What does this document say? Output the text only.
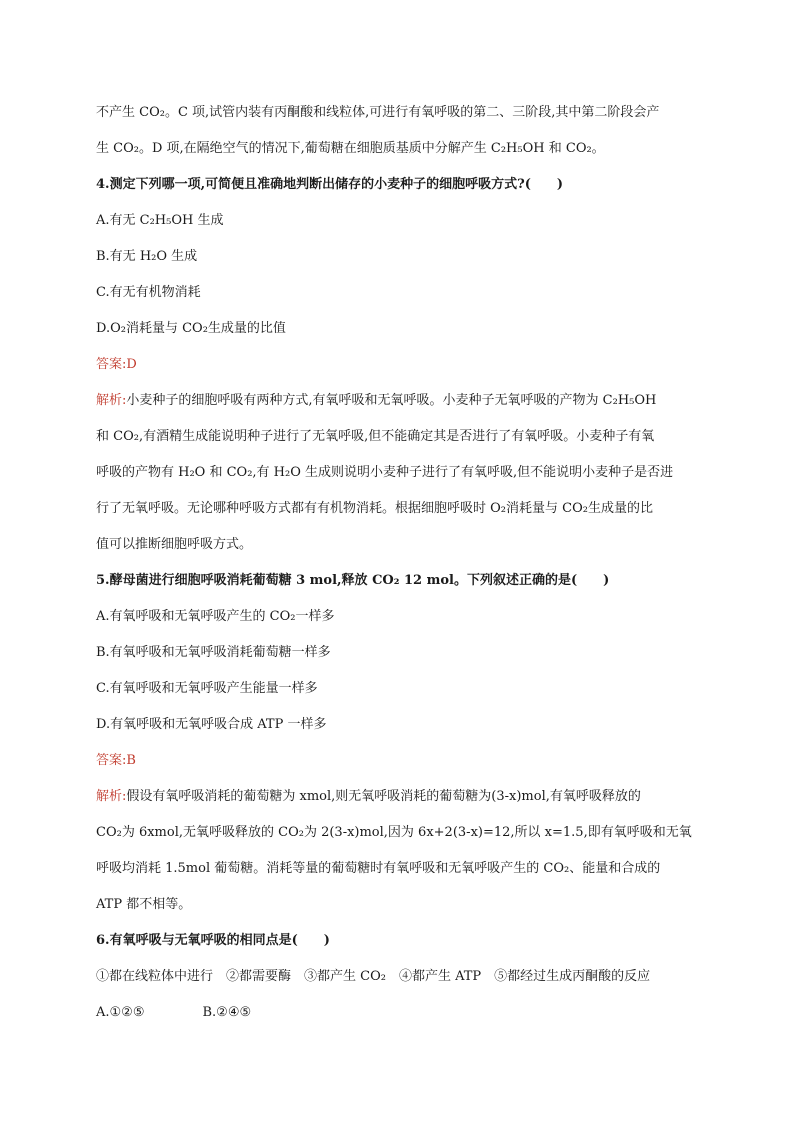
不产生 CO₂。C 项,试管内装有丙酮酸和线粒体,可进行有氧呼吸的第二、三阶段,其中第二阶段会产
生 CO₂。D 项,在隔绝空气的情况下,葡萄糖在细胞质基质中分解产生 C₂H₅OH 和 CO₂。
4.测定下列哪一项,可简便且准确地判断出储存的小麦种子的细胞呼吸方式?(　　)
A.有无 C₂H₅OH 生成
B.有无 H₂O 生成
C.有无有机物消耗
D.O₂消耗量与 CO₂生成量的比值
答案:D
解析:小麦种子的细胞呼吸有两种方式,有氧呼吸和无氧呼吸。小麦种子无氧呼吸的产物为 C₂H₅OH
和 CO₂,有酒精生成能说明种子进行了无氧呼吸,但不能确定其是否进行了有氧呼吸。小麦种子有氧
呼吸的产物有 H₂O 和 CO₂,有 H₂O 生成则说明小麦种子进行了有氧呼吸,但不能说明小麦种子是否进
行了无氧呼吸。无论哪种呼吸方式都有有机物消耗。根据细胞呼吸时 O₂消耗量与 CO₂生成量的比
值可以推断细胞呼吸方式。
5.酵母菌进行细胞呼吸消耗葡萄糖 3 mol,释放 CO₂ 12 mol。下列叙述正确的是(　　)
A.有氧呼吸和无氧呼吸产生的 CO₂一样多
B.有氧呼吸和无氧呼吸消耗葡萄糖一样多
C.有氧呼吸和无氧呼吸产生能量一样多
D.有氧呼吸和无氧呼吸合成 ATP 一样多
答案:B
解析:假设有氧呼吸消耗的葡萄糖为 xmol,则无氧呼吸消耗的葡萄糖为(3-x)mol,有氧呼吸释放的
CO₂为 6xmol,无氧呼吸释放的 CO₂为 2(3-x)mol,因为 6x+2(3-x)=12,所以 x=1.5,即有氧呼吸和无氧
呼吸均消耗 1.5mol 葡萄糖。消耗等量的葡萄糖时有氧呼吸和无氧呼吸产生的 CO₂、能量和合成的
ATP 都不相等。
6.有氧呼吸与无氧呼吸的相同点是(　　)
①都在线粒体中进行　②都需要酶　③都产生 CO₂　④都产生 ATP　⑤都经过生成丙酮酸的反应
A.①②⑤	B.②④⑤
